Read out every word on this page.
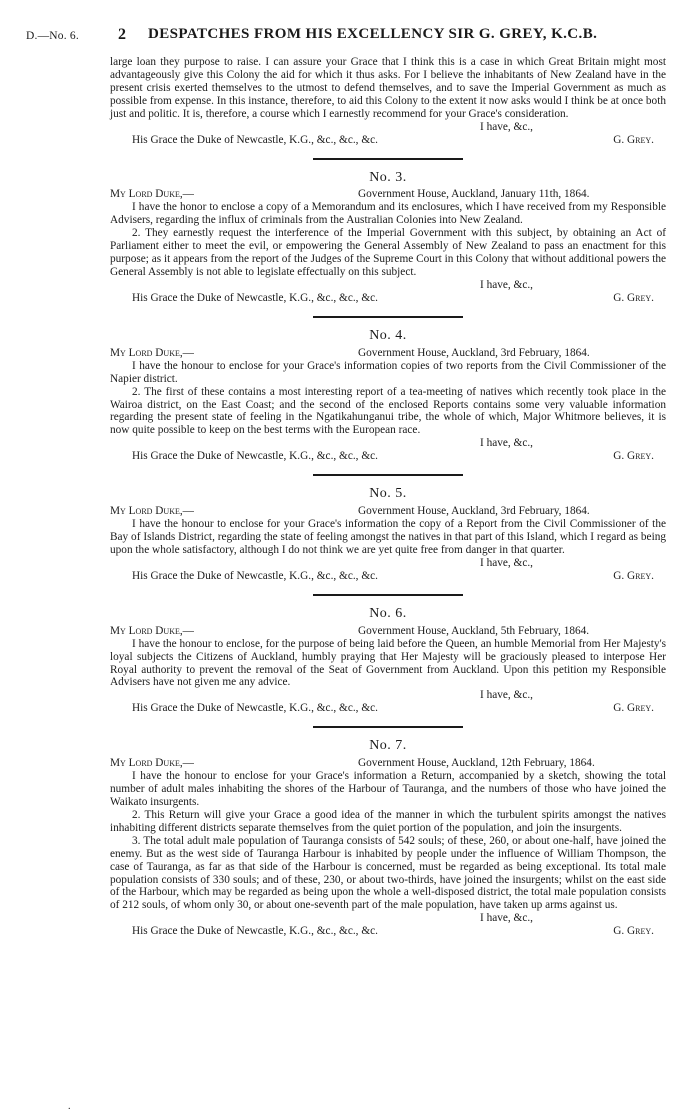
D.—No. 6. 2 DESPATCHES FROM HIS EXCELLENCY SIR G. GREY, K.C.B.

large loan they purpose to raise. I can assure your Grace that I think this is a case in which Great Britain might most advantageously give this Colony the aid for which it thus asks. For I believe the inhabitants of New Zealand have in the present crisis exerted themselves to the utmost to defend themselves, and to save the Imperial Government as much as possible from expense. In this instance, therefore, to aid this Colony to the extent it now asks would I think be at once both just and politic. It is, therefore, a course which I earnestly recommend for your Grace's consideration.

I have, &c.,
His Grace the Duke of Newcastle, K.G., &c., &c., &c.	G. Grey.
No. 3.
My Lord Duke,—	Government House, Auckland, January 11th, 1864.

I have the honor to enclose a copy of a Memorandum and its enclosures, which I have received from my Responsible Advisers, regarding the influx of criminals from the Australian Colonies into New Zealand.

2. They earnestly request the interference of the Imperial Government with this subject, by obtaining an Act of Parliament either to meet the evil, or empowering the General Assembly of New Zealand to pass an enactment for this purpose; as it appears from the report of the Judges of the Supreme Court in this Colony that without additional powers the General Assembly is not able to legislate effectually on this subject.

I have, &c.,
His Grace the Duke of Newcastle, K.G., &c., &c., &c.	G. Grey.
No. 4.
My Lord Duke,—	Government House, Auckland, 3rd February, 1864.

I have the honour to enclose for your Grace's information copies of two reports from the Civil Commissioner of the Napier district.

2. The first of these contains a most interesting report of a tea-meeting of natives which recently took place in the Wairoa district, on the East Coast; and the second of the enclosed Reports contains some very valuable information regarding the present state of feeling in the Ngatikahunganui tribe, the whole of which, Major Whitmore believes, it is now quite possible to keep on the best terms with the European race.

I have, &c.,
His Grace the Duke of Newcastle, K.G., &c., &c., &c.	G. Grey.
No. 5.
My Lord Duke,—	Government House, Auckland, 3rd February, 1864.

I have the honour to enclose for your Grace's information the copy of a Report from the Civil Commissioner of the Bay of Islands District, regarding the state of feeling amongst the natives in that part of this Island, which I regard as being upon the whole satisfactory, although I do not think we are yet quite free from danger in that quarter.

I have, &c.,
His Grace the Duke of Newcastle, K.G., &c., &c., &c.	G. Grey.
No. 6.
My Lord Duke,—	Government House, Auckland, 5th February, 1864.

I have the honour to enclose, for the purpose of being laid before the Queen, an humble Memorial from Her Majesty's loyal subjects the Citizens of Auckland, humbly praying that Her Majesty will be graciously pleased to interpose Her Royal authority to prevent the removal of the Seat of Government from Auckland. Upon this petition my Responsible Advisers have not given me any advice.

I have, &c.,
His Grace the Duke of Newcastle, K.G., &c., &c., &c.	G. Grey.
No. 7.
My Lord Duke,—	Government House, Auckland, 12th February, 1864.

I have the honour to enclose for your Grace's information a Return, accompanied by a sketch, showing the total number of adult males inhabiting the shores of the Harbour of Tauranga, and the numbers of those who have joined the Waikato insurgents.

2. This Return will give your Grace a good idea of the manner in which the turbulent spirits amongst the natives inhabiting different districts separate themselves from the quiet portion of the population, and join the insurgents.

3. The total adult male population of Tauranga consists of 542 souls; of these, 260, or about one-half, have joined the enemy. But as the west side of Tauranga Harbour is inhabited by people under the influence of William Thompson, the case of Tauranga, as far as that side of the Harbour is concerned, must be regarded as being exceptional. Its total male population consists of 330 souls; and of these, 230, or about two-thirds, have joined the insurgents; whilst on the east side of the Harbour, which may be regarded as being upon the whole a well-disposed district, the total male population consists of 212 souls, of whom only 30, or about one-seventh part of the male population, have taken up arms against us.

I have, &c.,
His Grace the Duke of Newcastle, K.G., &c., &c., &c.	G. Grey.
.
